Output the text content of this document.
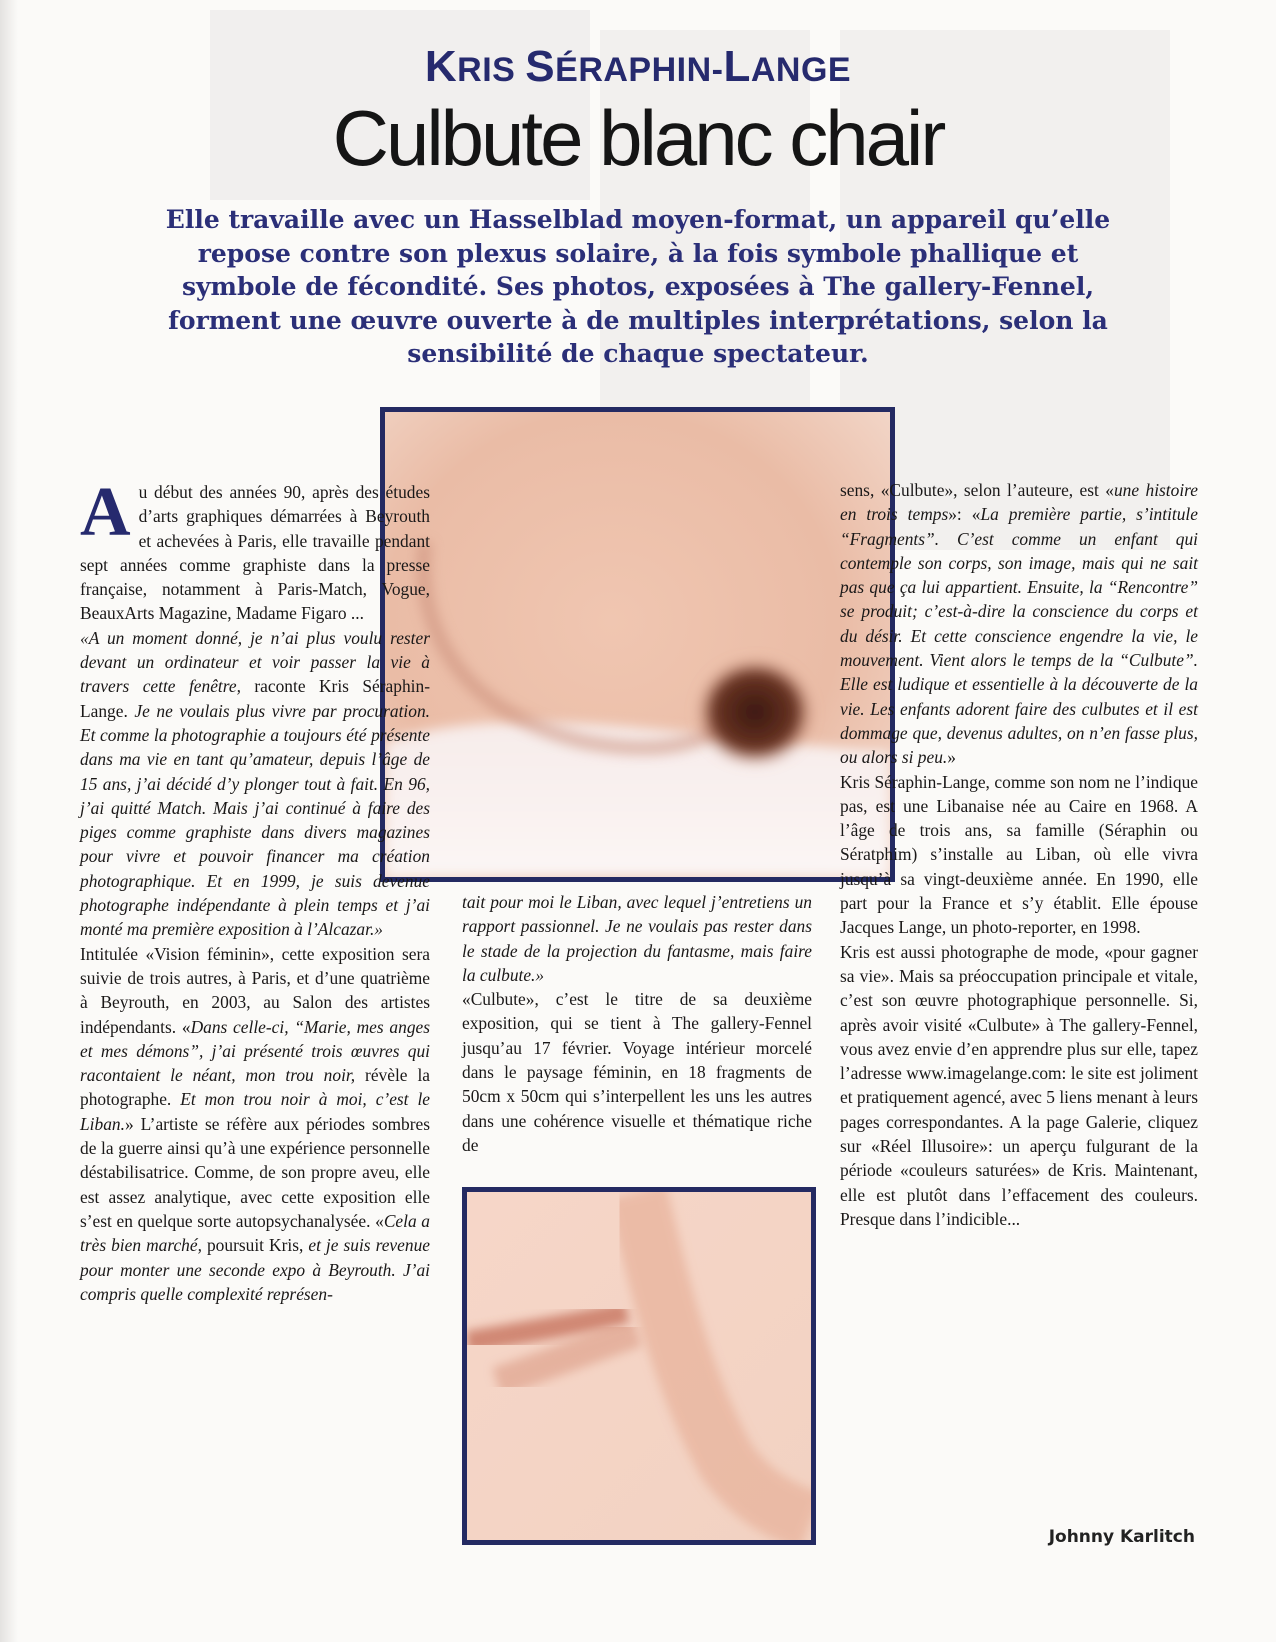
KRIS SÉRAPHIN-LANGE
Culbute blanc chair

Elle travaille avec un Hasselblad moyen-format, un appareil qu’elle repose contre son plexus solaire, à la fois symbole phallique et symbole de fécondité. Ses photos, exposées à The gallery-Fennel, forment une œuvre ouverte à de multiples interprétations, selon la sensibilité de chaque spectateur.

Au début des années 90, après des études d’arts graphiques démarrées à Beyrouth et achevées à Paris, elle travaille pendant sept années comme graphiste dans la presse française, notamment à Paris-Match, Vogue, BeauxArts Magazine, Madame Figaro ...

«A un moment donné, je n’ai plus voulu rester devant un ordinateur et voir passer la vie à travers cette fenêtre, raconte Kris Séraphin-Lange. Je ne voulais plus vivre par procuration. Et comme la photographie a toujours été présente dans ma vie en tant qu’amateur, depuis l’âge de 15 ans, j’ai décidé d’y plonger tout à fait. En 96, j’ai quitté Match. Mais j’ai continué à faire des piges comme graphiste dans divers magazines pour vivre et pouvoir financer ma création photographique. Et en 1999, je suis devenue photographe indépendante à plein temps et j’ai monté ma première exposition à l’Alcazar.»

Intitulée «Vision féminin», cette exposition sera suivie de trois autres, à Paris, et d’une quatrième à Beyrouth, en 2003, au Salon des artistes indépendants. «Dans celle-ci, “Marie, mes anges et mes démons”, j’ai présenté trois œuvres qui racontaient le néant, mon trou noir, révèle la photographe. Et mon trou noir à moi, c’est le Liban.» L’artiste se réfère aux périodes sombres de la guerre ainsi qu’à une expérience personnelle déstabilisatrice. Comme, de son propre aveu, elle est assez analytique, avec cette exposition elle s’est en quelque sorte autopsychanalysée. «Cela a très bien marché, poursuit Kris, et je suis revenue pour monter une seconde expo à Beyrouth. J’ai compris quelle complexité représen-

tait pour moi le Liban, avec lequel j’entretiens un rapport passionnel. Je ne voulais pas rester dans le stade de la projection du fantasme, mais faire la culbute.»

«Culbute», c’est le titre de sa deuxième exposition, qui se tient à The gallery-Fennel jusqu’au 17 février. Voyage intérieur morcelé dans le paysage féminin, en 18 fragments de 50cm x 50cm qui s’interpellent les uns les autres dans une cohérence visuelle et thématique riche de

sens, «Culbute», selon l’auteure, est «une histoire en trois temps»: «La première partie, s’intitule “Fragments”. C’est comme un enfant qui contemple son corps, son image, mais qui ne sait pas que ça lui appartient. Ensuite, la “Rencontre” se produit; c’est-à-dire la conscience du corps et du désir. Et cette conscience engendre la vie, le mouvement. Vient alors le temps de la “Culbute”. Elle est ludique et essentielle à la découverte de la vie. Les enfants adorent faire des culbutes et il est dommage que, devenus adultes, on n’en fasse plus, ou alors si peu.»

Kris Séraphin-Lange, comme son nom ne l’indique pas, est une Libanaise née au Caire en 1968. A l’âge de trois ans, sa famille (Séraphin ou Sératphim) s’installe au Liban, où elle vivra jusqu’à sa vingt-deuxième année. En 1990, elle part pour la France et s’y établit. Elle épouse Jacques Lange, un photo-reporter, en 1998.

Kris est aussi photographe de mode, «pour gagner sa vie». Mais sa préoccupation principale et vitale, c’est son œuvre photographique personnelle. Si, après avoir visité «Culbute» à The gallery-Fennel, vous avez envie d’en apprendre plus sur elle, tapez l’adresse www.imagelange.com: le site est joliment et pratiquement agencé, avec 5 liens menant à leurs pages correspondantes. A la page Galerie, cliquez sur «Réel Illusoire»: un aperçu fulgurant de la période «couleurs saturées» de Kris. Maintenant, elle est plutôt dans l’effacement des couleurs. Presque dans l’indicible...

Johnny Karlitch
